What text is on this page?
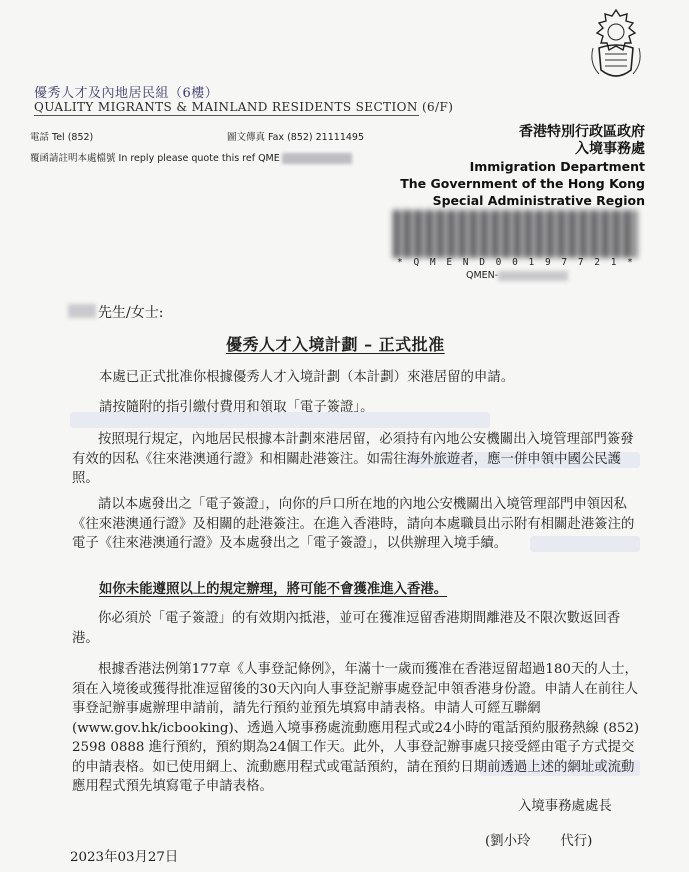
優秀人才及內地居民組（6樓）
QUALITY MIGRANTS & MAINLAND RESIDENTS SECTION (6/F)
電話 Tel (852)	圖文傳真 Fax (852) 21111495
覆函請註明本處檔號 In reply please quote this ref QME
香港特別行政區政府
入境事務處
Immigration Department
The Government of the Hong Kong
Special Administrative Region
* Q M E N D 0 0 1 9 7 7 2 1 *
QMEN-
先生/女士:
優秀人才入境計劃 – 正式批准
本處已正式批准你根據優秀人才入境計劃（本計劃）來港居留的申請。
請按隨附的指引繳付費用和領取「電子簽證」。
按照現行規定，內地居民根據本計劃來港居留，必須持有內地公安機關出入境管理部門簽發有效的因私《往來港澳通行證》和相關赴港簽注。如需往海外旅遊者，應一併申領中國公民護照。
請以本處發出之「電子簽證」，向你的戶口所在地的內地公安機關出入境管理部門申領因私《往來港澳通行證》及相關的赴港簽注。在進入香港時，請向本處職員出示附有相關赴港簽注的電子《往來港澳通行證》及本處發出之「電子簽證」，以供辦理入境手續。
如你未能遵照以上的規定辦理，將可能不會獲准進入香港。
你必須於「電子簽證」的有效期內抵港，並可在獲准逗留香港期間離港及不限次數返回香港。
根據香港法例第177章《人事登記條例》，年滿十一歲而獲准在香港逗留超過180天的人士，須在入境後或獲得批准逗留後的30天內向人事登記辦事處登記申領香港身份證。申請人在前往人事登記辦事處辦理申請前，請先行預約並預先填寫申請表格。申請人可經互聯網 (www.gov.hk/icbooking)、透過入境事務處流動應用程式或24小時的電話預約服務熱線 (852) 2598 0888 進行預約，預約期為24個工作天。此外，人事登記辦事處只接受經由電子方式提交的申請表格。如已使用網上、流動應用程式或電話預約，請在預約日期前透過上述的網址或流動應用程式預先填寫電子申請表格。
入境事務處處長
(劉小玲 代行)
2023年03月27日
